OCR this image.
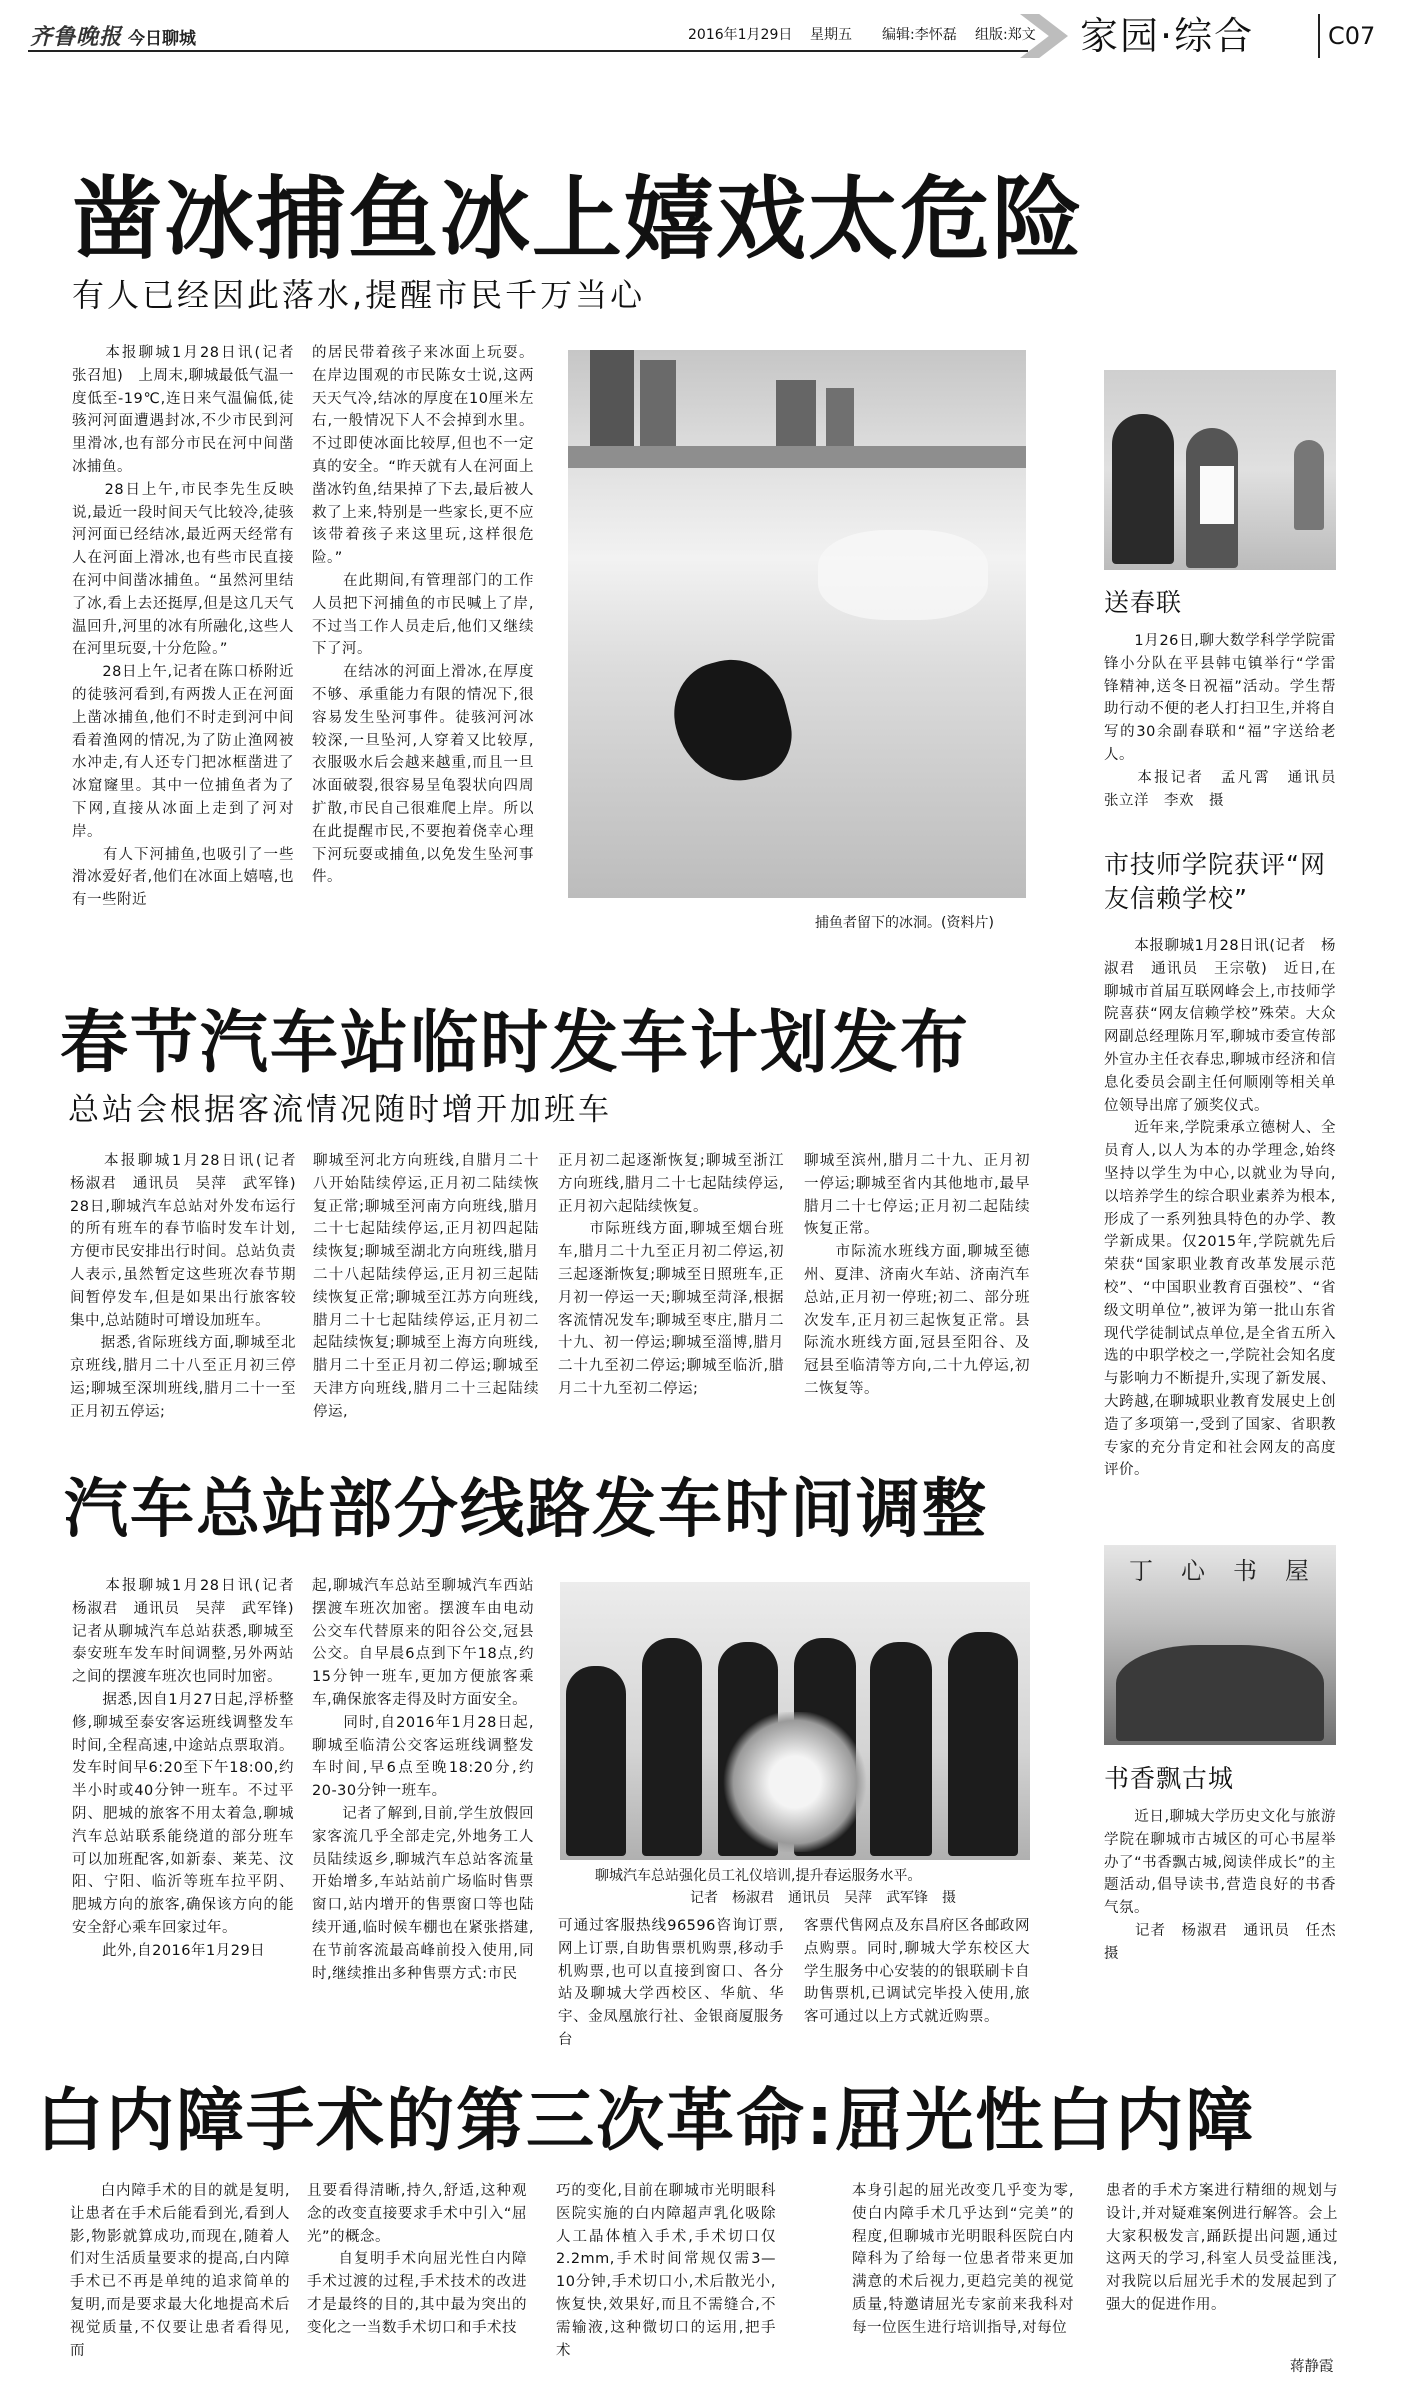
齐鲁晚报 今日聊城	2016年1月29日 星期五 编辑:李怀磊 组版:郑文 家园·综合	C07
凿冰捕鱼冰上嬉戏太危险
有人已经因此落水,提醒市民千万当心
　　本报聊城1月28日讯(记者　张召旭)　上周末,聊城最低气温一度低至-19℃,连日来气温偏低,徒骇河河面遭遇封冰,不少市民到河里滑冰,也有部分市民在河中间凿冰捕鱼。
　　28日上午,市民李先生反映说,最近一段时间天气比较冷,徒骇河河面已经结冰,最近两天经常有人在河面上滑冰,也有些市民直接在河中间凿冰捕鱼。“虽然河里结了冰,看上去还挺厚,但是这几天气温回升,河里的冰有所融化,这些人在河里玩耍,十分危险。”
　　28日上午,记者在陈口桥附近的徒骇河看到,有两拨人正在河面上凿冰捕鱼,他们不时走到河中间看着渔网的情况,为了防止渔网被水冲走,有人还专门把冰框凿进了冰窟窿里。其中一位捕鱼者为了下网,直接从冰面上走到了河对岸。
　　有人下河捕鱼,也吸引了一些滑冰爱好者,他们在冰面上嬉嘻,也有一些附近
的居民带着孩子来冰面上玩耍。在岸边围观的市民陈女士说,这两天天气冷,结冰的厚度在10厘米左右,一般情况下人不会掉到水里。不过即使冰面比较厚,但也不一定真的安全。“昨天就有人在河面上凿冰钓鱼,结果掉了下去,最后被人救了上来,特别是一些家长,更不应该带着孩子来这里玩,这样很危险。”
　　在此期间,有管理部门的工作人员把下河捕鱼的市民喊上了岸,不过当工作人员走后,他们又继续下了河。
　　在结冰的河面上滑冰,在厚度不够、承重能力有限的情况下,很容易发生坠河事件。徒骇河河冰较深,一旦坠河,人穿着又比较厚,衣服吸水后会越来越重,而且一旦冰面破裂,很容易呈龟裂状向四周扩散,市民自己很难爬上岸。所以在此提醒市民,不要抱着侥幸心理下河玩耍或捕鱼,以免发生坠河事件。
捕鱼者留下的冰洞。(资料片)
送春联
　　1月26日,聊大数学科学学院雷锋小分队在平县韩屯镇举行“学雷锋精神,送冬日祝福”活动。学生帮助行动不便的老人打扫卫生,并将自写的30余副春联和“福”字送给老人。
　　本报记者　孟凡霄　通讯员　张立洋　李欢　摄
市技师学院获评“网友信赖学校”
　　本报聊城1月28日讯(记者　杨淑君　通讯员　王宗敬)　近日,在聊城市首届互联网峰会上,市技师学院喜获“网友信赖学校”殊荣。大众网副总经理陈月军,聊城市委宣传部外宣办主任衣春忠,聊城市经济和信息化委员会副主任何顺刚等相关单位领导出席了颁奖仪式。
　　近年来,学院秉承立德树人、全员育人,以人为本的办学理念,始终坚持以学生为中心,以就业为导向,以培养学生的综合职业素养为根本,形成了一系列独具特色的办学、教学新成果。仅2015年,学院就先后荣获“国家职业教育改革发展示范校”、“中国职业教育百强校”、“省级文明单位”,被评为第一批山东省现代学徒制试点单位,是全省五所入选的中职学校之一,学院社会知名度与影响力不断提升,实现了新发展、大跨越,在聊城职业教育发展史上创造了多项第一,受到了国家、省职教专家的充分肯定和社会网友的高度评价。
丁　心　书　屋
书香飘古城
　　近日,聊城大学历史文化与旅游学院在聊城市古城区的可心书屋举办了“书香飘古城,阅读伴成长”的主题活动,倡导读书,营造良好的书香气氛。
　　记者　杨淑君　通讯员　任杰　摄
春节汽车站临时发车计划发布
总站会根据客流情况随时增开加班车
　　本报聊城1月28日讯(记者　杨淑君　通讯员　吴萍　武军锋)　28日,聊城汽车总站对外发布运行的所有班车的春节临时发车计划,方便市民安排出行时间。总站负责人表示,虽然暂定这些班次春节期间暂停发车,但是如果出行旅客较集中,总站随时可增设加班车。
　　据悉,省际班线方面,聊城至北京班线,腊月二十八至正月初三停运;聊城至深圳班线,腊月二十一至正月初五停运;
聊城至河北方向班线,自腊月二十八开始陆续停运,正月初二陆续恢复正常;聊城至河南方向班线,腊月二十七起陆续停运,正月初四起陆续恢复;聊城至湖北方向班线,腊月二十八起陆续停运,正月初三起陆续恢复正常;聊城至江苏方向班线,腊月二十七起陆续停运,正月初二起陆续恢复;聊城至上海方向班线,腊月二十至正月初二停运;聊城至天津方向班线,腊月二十三起陆续停运,
正月初二起逐渐恢复;聊城至浙江方向班线,腊月二十七起陆续停运,正月初六起陆续恢复。
　　市际班线方面,聊城至烟台班车,腊月二十九至正月初二停运,初三起逐渐恢复;聊城至日照班车,正月初一停运一天;聊城至菏泽,根据客流情况发车;聊城至枣庄,腊月二十九、初一停运;聊城至淄博,腊月二十九至初二停运;聊城至临沂,腊月二十九至初二停运;
聊城至滨州,腊月二十九、正月初一停运;聊城至省内其他地市,最早腊月二十七停运;正月初二起陆续恢复正常。
　　市际流水班线方面,聊城至德州、夏津、济南火车站、济南汽车总站,正月初一停班;初二、部分班次发车,正月初三起恢复正常。县际流水班线方面,冠县至阳谷、及冠县至临清等方向,二十九停运,初二恢复等。
汽车总站部分线路发车时间调整
　　本报聊城1月28日讯(记者　杨淑君　通讯员　吴萍　武军锋)　记者从聊城汽车总站获悉,聊城至泰安班车发车时间调整,另外两站之间的摆渡车班次也同时加密。
　　据悉,因自1月27日起,浮桥整修,聊城至泰安客运班线调整发车时间,全程高速,中途站点票取消。发车时间早6:20至下午18:00,约半小时或40分钟一班车。不过平阴、肥城的旅客不用太着急,聊城汽车总站联系能绕道的部分班车可以加班配客,如新泰、莱芜、汶阳、宁阳、临沂等班车拉平阴、肥城方向的旅客,确保该方向的能安全舒心乘车回家过年。
　　此外,自2016年1月29日
起,聊城汽车总站至聊城汽车西站摆渡车班次加密。摆渡车由电动公交车代替原来的阳谷公交,冠县公交。自早晨6点到下午18点,约15分钟一班车,更加方便旅客乘车,确保旅客走得及时方面安全。
　　同时,自2016年1月28日起,聊城至临清公交客运班线调整发车时间,早6点至晚18:20分,约20-30分钟一班车。
　　记者了解到,目前,学生放假回家客流几乎全部走完,外地务工人员陆续返乡,聊城汽车总站客流量开始增多,车站站前广场临时售票窗口,站内增开的售票窗口等也陆续开通,临时候车棚也在紧张搭建,在节前客流最高峰前投入使用,同时,继续推出多种售票方式:市民
聊城汽车总站强化员工礼仪培训,提升春运服务水平。
记者　杨淑君　通讯员　吴萍　武军锋　摄
可通过客服热线96596咨询订票,网上订票,自助售票机购票,移动手机购票,也可以直接到窗口、各分站及聊城大学西校区、华航、华宇、金凤凰旅行社、金银商厦服务台
客票代售网点及东昌府区各邮政网点购票。同时,聊城大学东校区大学生服务中心安装的的银联刷卡自助售票机,已调试完毕投入使用,旅客可通过以上方式就近购票。
白内障手术的第三次革命:屈光性白内障
　　白内障手术的目的就是复明,让患者在手术后能看到光,看到人影,物影就算成功,而现在,随着人们对生活质量要求的提高,白内障手术已不再是单纯的追求简单的复明,而是要求最大化地提高术后视觉质量,不仅要让患者看得见,而
且要看得清晰,持久,舒适,这种观念的改变直接要求手术中引入“屈光”的概念。
　　自复明手术向屈光性白内障手术过渡的过程,手术技术的改进才是最终的目的,其中最为突出的变化之一当数手术切口和手术技
巧的变化,目前在聊城市光明眼科医院实施的白内障超声乳化吸除人工晶体植入手术,手术切口仅2.2mm,手术时间常规仅需3—10分钟,手术切口小,术后散光小,恢复快,效果好,而且不需缝合,不需输液,这种微切口的运用,把手术
本身引起的屈光改变几乎变为零,使白内障手术几乎达到“完美”的程度,但聊城市光明眼科医院白内障科为了给每一位患者带来更加满意的术后视力,更趋完美的视觉质量,特邀请屈光专家前来我科对每一位医生进行培训指导,对每位
患者的手术方案进行精细的规划与设计,并对疑难案例进行解答。会上大家积极发言,踊跃提出问题,通过这两天的学习,科室人员受益匪浅,对我院以后屈光手术的发展起到了强大的促进作用。
蒋静霞
